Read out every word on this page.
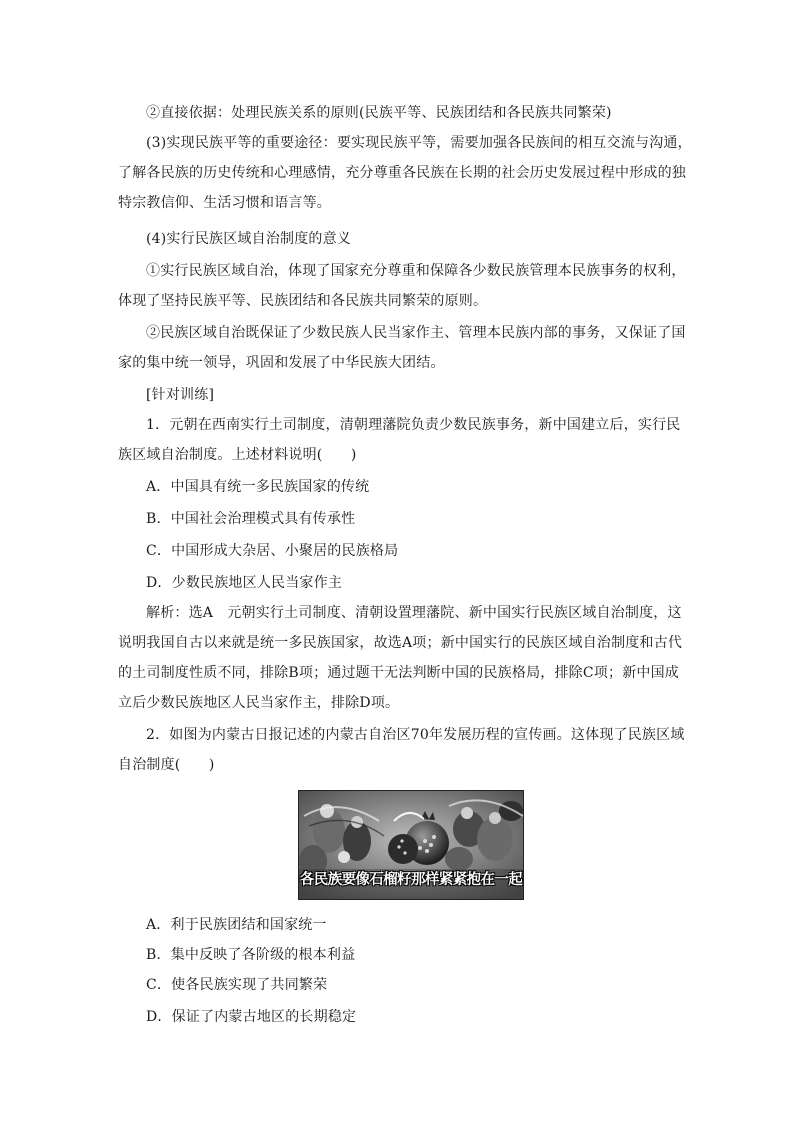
②直接依据：处理民族关系的原则(民族平等、民族团结和各民族共同繁荣)
(3)实现民族平等的重要途径：要实现民族平等，需要加强各民族间的相互交流与沟通，
了解各民族的历史传统和心理感情，充分尊重各民族在长期的社会历史发展过程中形成的独
特宗教信仰、生活习惯和语言等。
(4)实行民族区域自治制度的意义
①实行民族区域自治，体现了国家充分尊重和保障各少数民族管理本民族事务的权利，
体现了坚持民族平等、民族团结和各民族共同繁荣的原则。
②民族区域自治既保证了少数民族人民当家作主、管理本民族内部的事务，又保证了国
家的集中统一领导，巩固和发展了中华民族大团结。
[针对训练]
1．元朝在西南实行土司制度，清朝理藩院负责少数民族事务，新中国建立后，实行民
族区域自治制度。上述材料说明(　　)
A．中国具有统一多民族国家的传统
B．中国社会治理模式具有传承性
C．中国形成大杂居、小聚居的民族格局
D．少数民族地区人民当家作主
解析：选A　元朝实行土司制度、清朝设置理藩院、新中国实行民族区域自治制度，这
说明我国自古以来就是统一多民族国家，故选A项；新中国实行的民族区域自治制度和古代
的土司制度性质不同，排除B项；通过题干无法判断中国的民族格局，排除C项；新中国成
立后少数民族地区人民当家作主，排除D项。
2．如图为内蒙古日报记述的内蒙古自治区70年发展历程的宣传画。这体现了民族区域
自治制度(　　)
各民族要像石榴籽那样紧紧抱在一起
A．利于民族团结和国家统一
B．集中反映了各阶级的根本利益
C．使各民族实现了共同繁荣
D．保证了内蒙古地区的长期稳定
